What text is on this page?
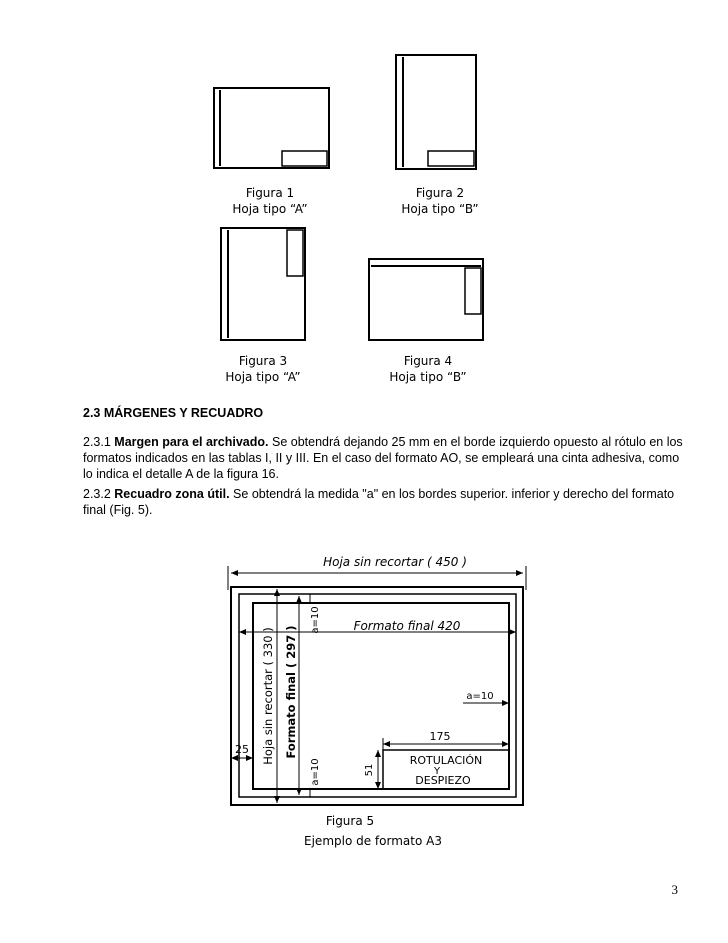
Figura 1
Hoja tipo “A”
Figura 2
Hoja tipo “B”
Figura 3
Hoja tipo “A”
Figura 4
Hoja tipo “B”
Hoja sin recortar ( 450 )
Formato final 420
Hoja sin recortar ( 330 ) Formato final ( 297 )
a=10
a=10
a=10
25
175
51
ROTULACIÓN
Y
DESPIEZO
Figura 5
Ejemplo de formato A3
2.3 MÁRGENES Y RECUADRO

2.3.1 Margen para el archivado. Se obtendrá dejando 25 mm en el borde izquierdo opuesto al rótulo en los formatos indicados en las tablas I, II y III. En el caso del formato AO, se empleará una cinta adhesiva, como lo indica el detalle A de la figura 16.

2.3.2 Recuadro zona útil. Se obtendrá la medida "a" en los bordes superior. inferior y derecho del formato final (Fig. 5).

3
